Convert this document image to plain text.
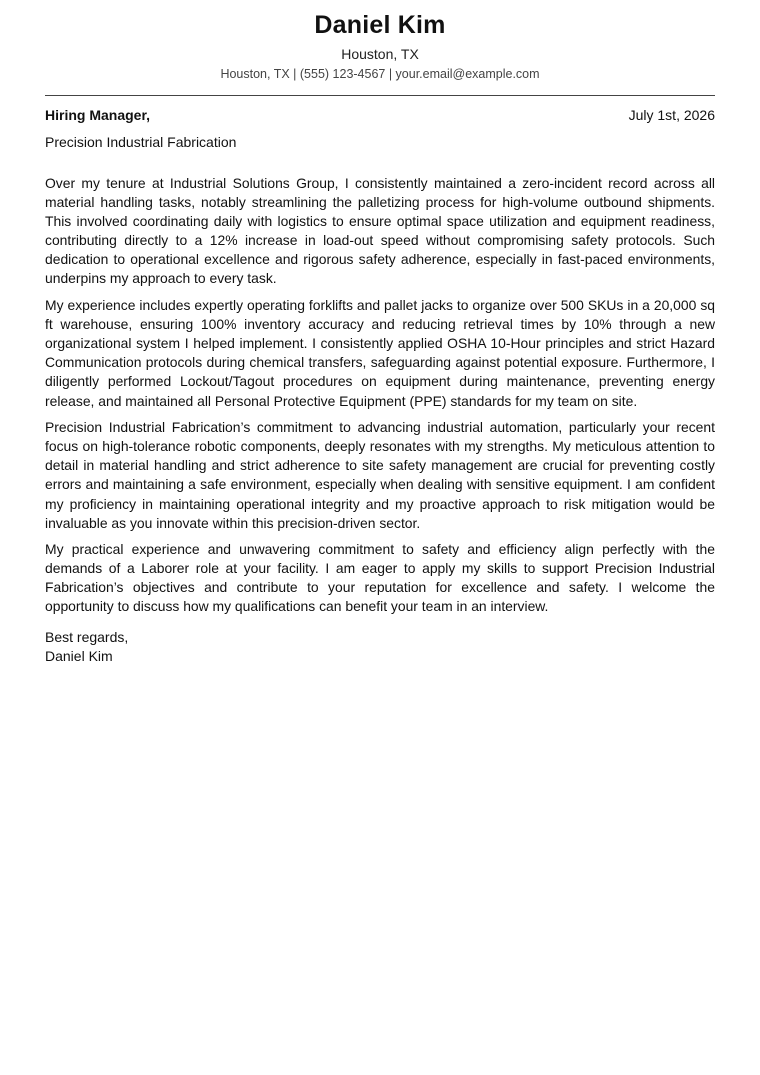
Daniel Kim
Houston, TX
Houston, TX | (555) 123-4567 | your.email@example.com
Hiring Manager,	July 1st, 2026
Precision Industrial Fabrication

Over my tenure at Industrial Solutions Group, I consistently maintained a zero-incident record across all material handling tasks, notably streamlining the palletizing process for high-volume outbound shipments. This involved coordinating daily with logistics to ensure optimal space utilization and equipment readiness, contributing directly to a 12% increase in load-out speed without compromising safety protocols. Such dedication to operational excellence and rigorous safety adherence, especially in fast-paced environments, underpins my approach to every task.

My experience includes expertly operating forklifts and pallet jacks to organize over 500 SKUs in a 20,000 sq ft warehouse, ensuring 100% inventory accuracy and reducing retrieval times by 10% through a new organizational system I helped implement. I consistently applied OSHA 10-Hour principles and strict Hazard Communication protocols during chemical transfers, safeguarding against potential exposure. Furthermore, I diligently performed Lockout/Tagout procedures on equipment during maintenance, preventing energy release, and maintained all Personal Protective Equipment (PPE) standards for my team on site.

Precision Industrial Fabrication’s commitment to advancing industrial automation, particularly your recent focus on high-tolerance robotic components, deeply resonates with my strengths. My meticulous attention to detail in material handling and strict adherence to site safety management are crucial for preventing costly errors and maintaining a safe environment, especially when dealing with sensitive equipment. I am confident my proficiency in maintaining operational integrity and my proactive approach to risk mitigation would be invaluable as you innovate within this precision-driven sector.

My practical experience and unwavering commitment to safety and efficiency align perfectly with the demands of a Laborer role at your facility. I am eager to apply my skills to support Precision Industrial Fabrication’s objectives and contribute to your reputation for excellence and safety. I welcome the opportunity to discuss how my qualifications can benefit your team in an interview.

Best regards,
Daniel Kim
